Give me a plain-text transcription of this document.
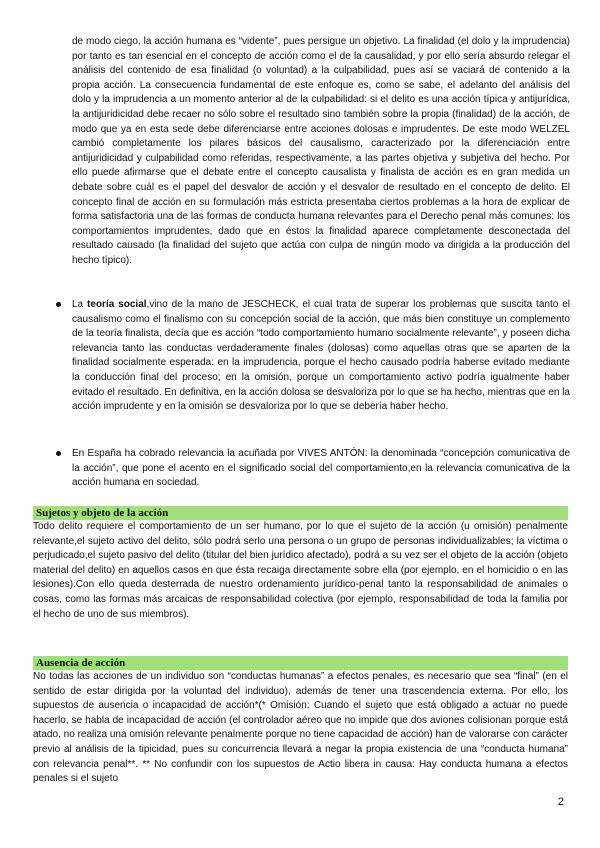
de modo ciego, la acción humana es “vidente”, pues persigue un objetivo. La finalidad (el dolo y la imprudencia) por tanto es tan esencial en el concepto de acción como el de la causalidad, y por ello sería absurdo relegar el análisis del contenido de esa finalidad (o voluntad) a la culpabilidad, pues así se vaciará de contenido a la propia acción. La consecuencia fundamental de este enfoque es, como se sabe, el adelanto del análisis del dolo y la imprudencia a un momento anterior al de la culpabilidad: si el delito es una acción típica y antijurídica, la antijuridicidad debe recaer no sólo sobre el resultado sino también sobre la propia (finalidad) de la acción, de modo que ya en esta sede debe diferenciarse entre acciones dolosas e imprudentes. De este modo WELZEL cambió completamente los pilares básicos del causalismo, caracterizado por la diferenciación entre antijuridicidad y culpabilidad como referidas, respectivamente, a las partes objetiva y subjetiva del hecho. Por ello puede afirmarse que el debate entre el concepto causalista y finalista de acción es en gran medida un debate sobre cuál es el papel del desvalor de acción y el desvalor de resultado en el concepto de delito. El concepto final de acción en su formulación más estricta presentaba ciertos problemas a la hora de explicar de forma satisfactoria una de las formas de conducta humana relevantes para el Derecho penal más comunes: los comportamientos imprudentes, dado que en éstos la finalidad aparece completamente desconectada del resultado causado (la finalidad del sujeto que actúa con culpa de ningún modo va dirigida a la producción del hecho típico).

La teoría social,vino de la mano de JESCHECK, el cual trata de superar los problemas que suscita tanto el causalismo como el finalismo con su concepción social de la acción, que más bien constituye un complemento de la teoría finalista, decía que es acción “todo comportamiento humano socialmente relevante”, y poseen dicha relevancia tanto las conductas verdaderamente finales (dolosas) como aquellas otras que se aparten de la finalidad socialmente esperada: en la imprudencia, porque el hecho causado podría haberse evitado mediante la conducción final del proceso; en la omisión, porque un comportamiento activo podría igualmente haber evitado el resultado. En definitiva, en la acción dolosa se desvaloriza por lo que se ha hecho, mientras que en la acción imprudente y en la omisión se desvaloriza por lo que se debería haber hecho.

En España ha cobrado relevancia la acuñada por VIVES ANTÓN: la denominada “concepción comunicativa de la acción”, que pone el acento en el significado social del comportamiento,en la relevancia comunicativa de la acción humana en sociedad.

Sujetos y objeto de la acción

Todo delito requiere el comportamiento de un ser humano, por lo que el sujeto de la acción (u omisión) penalmente relevante,el sujeto activo del delito, sólo podrá serlo una persona o un grupo de personas individualizables; la víctima o perjudicado,el sujeto pasivo del delito (titular del bien jurídico afectado), podrá a su vez ser el objeto de la acción (objeto material del delito) en aquellos casos en que ésta recaiga directamente sobre ella (por ejemplo, en el homicidio o en las lesiones).Con ello queda desterrada de nuestro ordenamiento jurídico-penal tanto la responsabilidad de animales o cosas, como las formas más arcaicas de responsabilidad colectiva (por ejemplo, responsabilidad de toda la familia por el hecho de uno de sus miembros).

Ausencia de acción

No todas las acciones de un individuo son “conductas humanas” a efectos penales, es necesario que sea “final” (en el sentido de estar dirigida por la voluntad del individuo), además de tener una trascendencia externa. Por ello, los supuestos de ausencia o incapacidad de acción*(* Omisión: Cuando el sujeto que está obligado a actuar no puede hacerlo, se habla de incapacidad de acción (el controlador aéreo que no impide que dos aviones colisionan porque está atado, no realiza una omisión relevante penalmente porque no tiene capacidad de acción) han de valorarse con carácter previo al análisis de la tipicidad, pues su concurrencia llevará a negar la propia existencia de una “conducta humana” con relevancia penal**. ** No confundir con los supuestos de Actio libera in causa: Hay conducta humana a efectos penales si el sujeto

2
